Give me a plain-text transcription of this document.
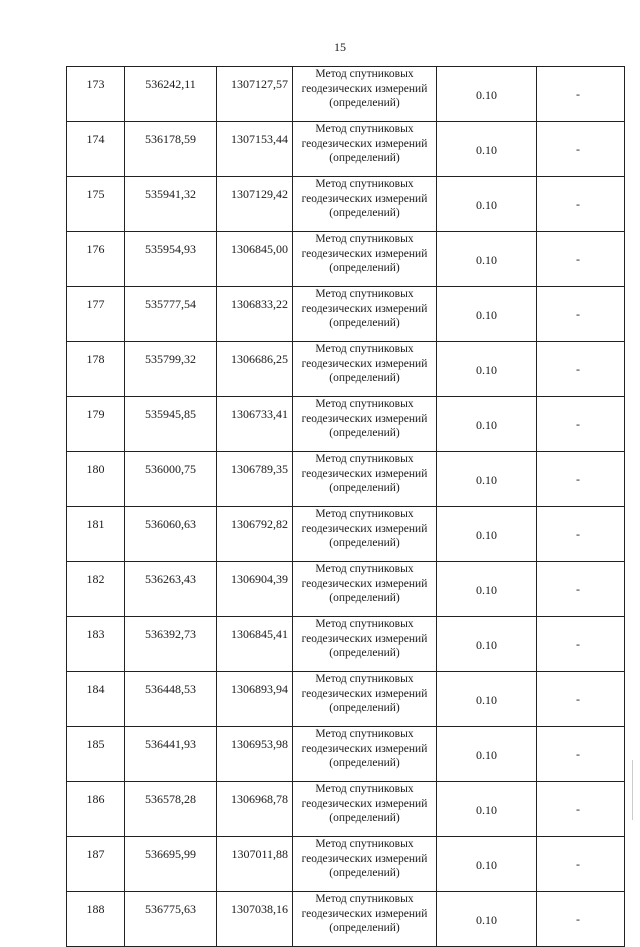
15
173	536242,11	1307127,57	Метод спутниковых
геодезических измерений
(определений)	0.10	-
174	536178,59	1307153,44	Метод спутниковых
геодезических измерений
(определений)	0.10	-
175	535941,32	1307129,42	Метод спутниковых
геодезических измерений
(определений)	0.10	-
176	535954,93	1306845,00	Метод спутниковых
геодезических измерений
(определений)	0.10	-
177	535777,54	1306833,22	Метод спутниковых
геодезических измерений
(определений)	0.10	-
178	535799,32	1306686,25	Метод спутниковых
геодезических измерений
(определений)	0.10	-
179	535945,85	1306733,41	Метод спутниковых
геодезических измерений
(определений)	0.10	-
180	536000,75	1306789,35	Метод спутниковых
геодезических измерений
(определений)	0.10	-
181	536060,63	1306792,82	Метод спутниковых
геодезических измерений
(определений)	0.10	-
182	536263,43	1306904,39	Метод спутниковых
геодезических измерений
(определений)	0.10	-
183	536392,73	1306845,41	Метод спутниковых
геодезических измерений
(определений)	0.10	-
184	536448,53	1306893,94	Метод спутниковых
геодезических измерений
(определений)	0.10	-
185	536441,93	1306953,98	Метод спутниковых
геодезических измерений
(определений)	0.10	-
186	536578,28	1306968,78	Метод спутниковых
геодезических измерений
(определений)	0.10	-
187	536695,99	1307011,88	Метод спутниковых
геодезических измерений
(определений)	0.10	-
188	536775,63	1307038,16	Метод спутниковых
геодезических измерений
(определений)	0.10	-
